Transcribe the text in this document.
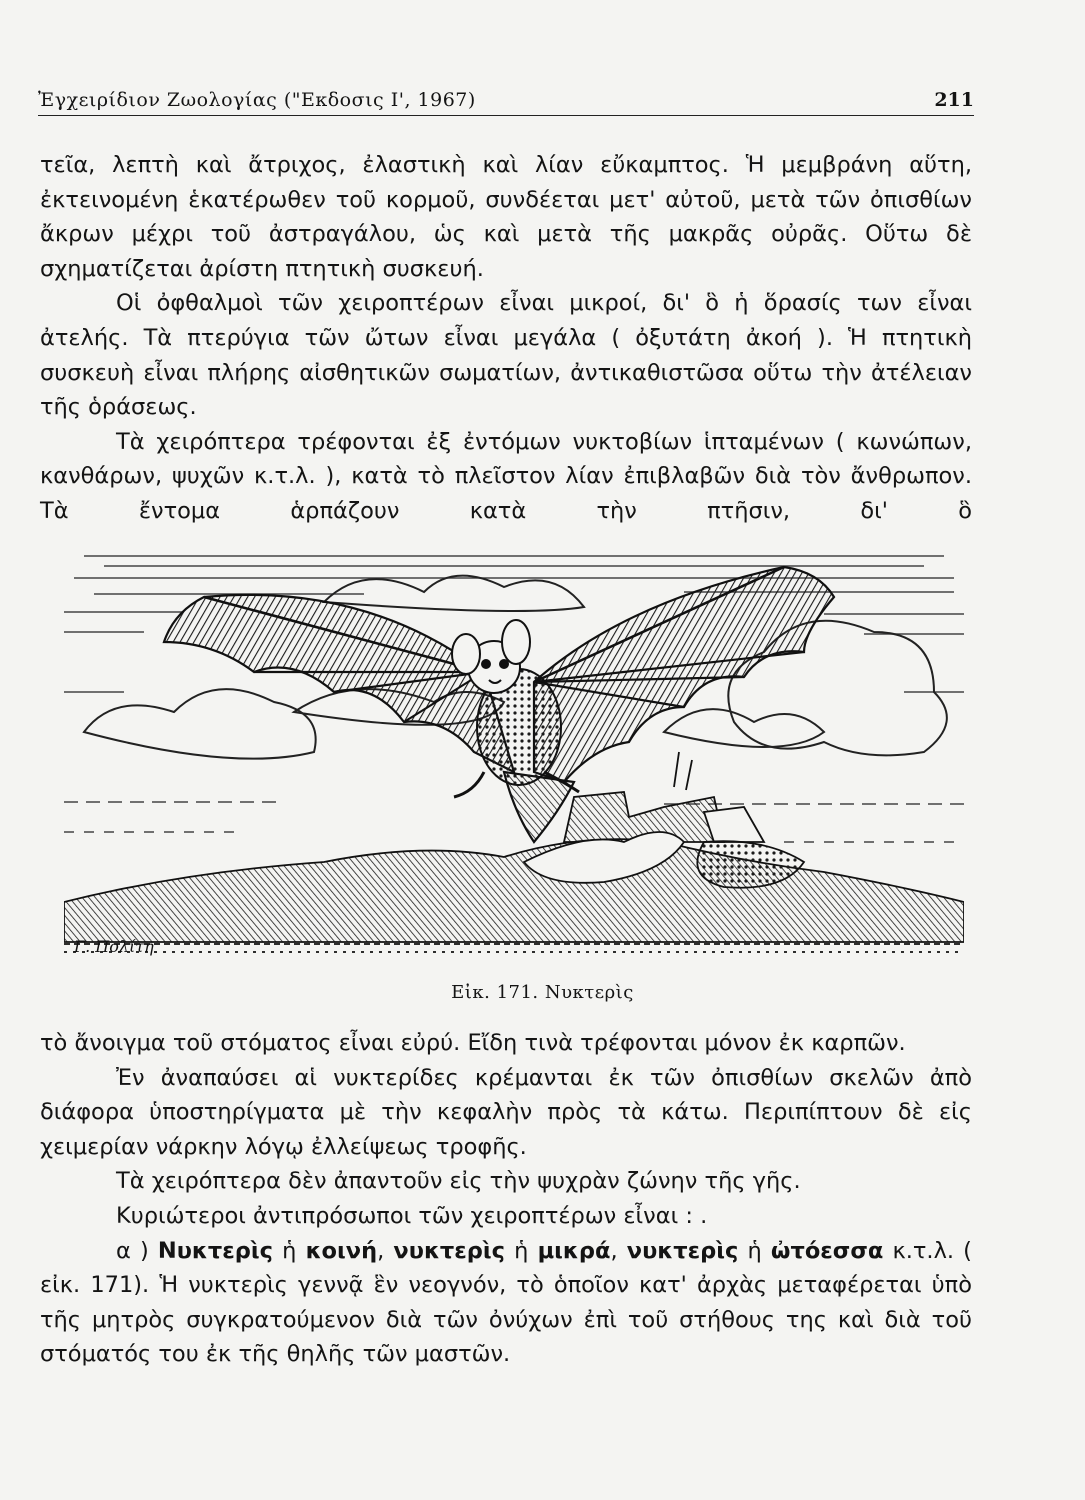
Ἐγχειρίδιον Ζωολογίας ("Εκδοσις Ι', 1967)	211

τεῖα, λεπτὴ καὶ ἄτριχος, ἐλαστικὴ καὶ λίαν εὔκαμπτος. Ἡ μεμβράνη αὕτη, ἐκτεινομένη ἑκατέρωθεν τοῦ κορμοῦ, συνδέεται μετ' αὐτοῦ, μετὰ τῶν ὀπισθίων ἄκρων μέχρι τοῦ ἀστραγάλου, ὡς καὶ μετὰ τῆς μακρᾶς οὐρᾶς. Οὕτω δὲ σχηματίζεται ἀρίστη πτητικὴ συσκευή.

Οἱ ὀφθαλμοὶ τῶν χειροπτέρων εἶναι μικροί, δι' ὃ ἡ ὅρασίς των εἶναι ἀτελής. Τὰ πτερύγια τῶν ὤτων εἶναι μεγάλα ( ὀξυτάτη ἀκοή ). Ἡ πτητικὴ συσκευὴ εἶναι πλήρης αἰσθητικῶν σωματίων, ἀντικαθιστῶσα οὕτω τὴν ἀτέλειαν τῆς ὁράσεως.

Τὰ χειρόπτερα τρέφονται ἐξ ἐντόμων νυκτοβίων ἱπταμένων ( κωνώπων, κανθάρων, ψυχῶν κ.τ.λ. ), κατὰ τὸ πλεῖστον λίαν ἐπιβλαβῶν διὰ τὸν ἄνθρωπον. Τὰ ἔντομα ἁρπάζουν κατὰ τὴν πτῆσιν, δι' ὃ

Γ. Πολίτη
Εἰκ. 171. Νυκτερὶς

τὸ ἄνοιγμα τοῦ στόματος εἶναι εὐρύ. Εἴδη τινὰ τρέφονται μόνον ἐκ καρπῶν.

Ἐν ἀναπαύσει αἱ νυκτερίδες κρέμανται ἐκ τῶν ὀπισθίων σκελῶν ἀπὸ διάφορα ὑποστηρίγματα μὲ τὴν κεφαλὴν πρὸς τὰ κάτω. Περιπίπτουν δὲ εἰς χειμερίαν νάρκην λόγῳ ἐλλείψεως τροφῆς.

Τὰ χειρόπτερα δὲν ἀπαντοῦν εἰς τὴν ψυχρὰν ζώνην τῆς γῆς.

Κυριώτεροι ἀντιπρόσωποι τῶν χειροπτέρων εἶναι : .

α ) Νυκτερὶς ἡ κοινή, νυκτερὶς ἡ μικρά, νυκτερὶς ἡ ὠτόεσσα κ.τ.λ. ( εἰκ. 171). Ἡ νυκτερὶς γεννᾷ ἓν νεογνόν, τὸ ὁποῖον κατ' ἀρχὰς μεταφέρεται ὑπὸ τῆς μητρὸς συγκρατούμενον διὰ τῶν ὀνύχων ἐπὶ τοῦ στήθους της καὶ διὰ τοῦ στόματός του ἐκ τῆς θηλῆς τῶν μαστῶν.
